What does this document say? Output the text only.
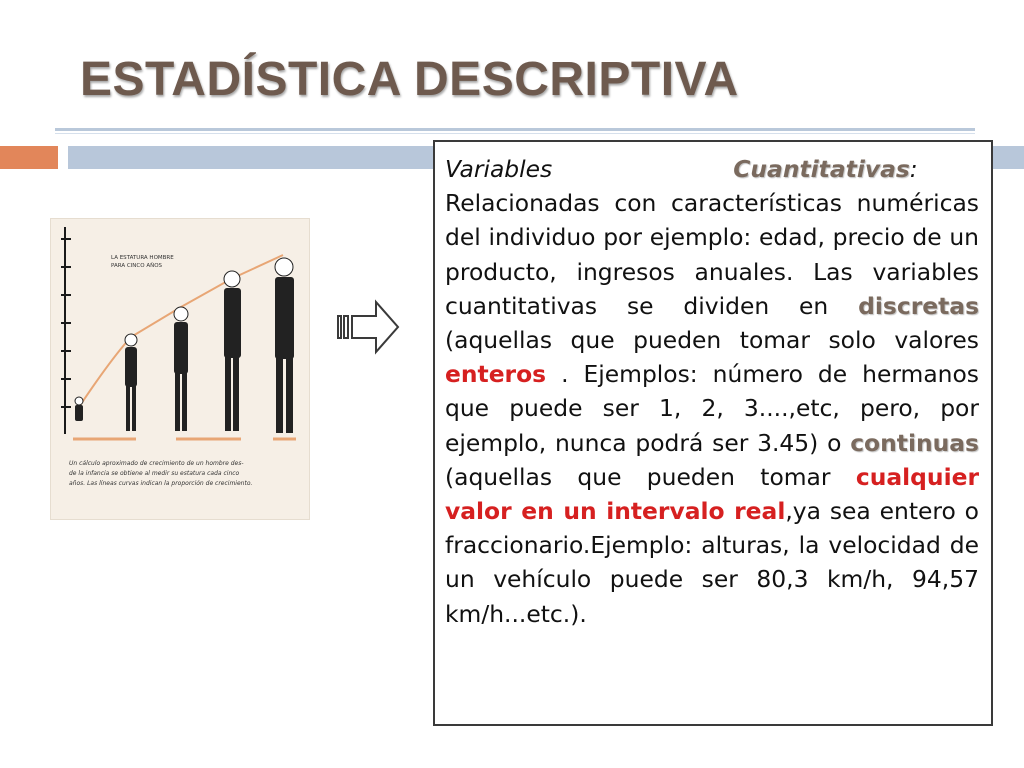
ESTADÍSTICA DESCRIPTIVA
LA ESTATURA HOMBRE
PARA CINCO AÑOS
Un cálculo aproximado de crecimiento de un hombre des-
de la infancia se obtiene al medir su estatura cada cinco
años. Las líneas curvas indican la proporción de crecimiento.

Variables	Cuantitativas: Relacionadas con características numéricas del individuo por ejemplo: edad, precio de un producto, ingresos anuales. Las variables cuantitativas se dividen en discretas (aquellas que pueden tomar solo valores enteros . Ejemplos: número de hermanos que puede ser 1, 2, 3....,etc, pero, por ejemplo, nunca podrá ser 3.45) o continuas (aquellas que pueden tomar cualquier valor en un intervalo real,ya sea entero o fraccionario.Ejemplo: alturas, la velocidad de un vehículo puede ser 80,3 km/h, 94,57 km/h...etc.).
